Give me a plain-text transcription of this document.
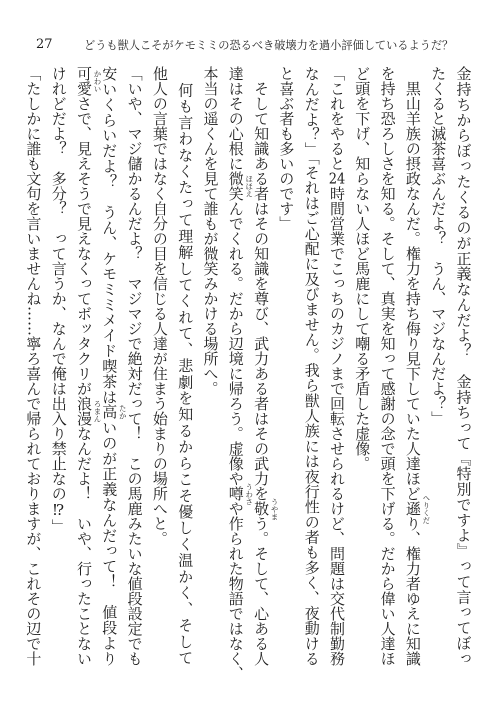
27	どうも獣人こそがケモミミの恐るべき破壊力を過小評価しているようだ？
金持ちからぼったくるのが正義なんだよ？　金持ちって『特別ですよ』って言ってぼっ
たくると滅茶喜ぶんだよ？　うん、マジなんだよ？」
　黒山羊族の摂政なんだ。権力を持ち侮り見下していた人達ほど遜 へりくだ
り、権力者ゆえに知識
を持ち恐ろしさを知る。そして、真実を知って感謝の念で頭を下げる。だから偉い人達ほ
ど頭を下げ、知らない人ほど馬鹿にして嘲る矛盾した虚像。
「これをやると24時間営業でこっちのカジノまで回転させられるけど、問題は交代制勤務
なんだよ？」「それはご心配に及びません。我ら獣人族には夜行性の者も多く、夜動ける
と喜ぶ者も多いのです」
　そして知識ある者はその知識を尊び、武力ある者はその武力を敬 うやま
う。そして、心ある人
達はその心根に微笑 ほほえ
んでくれる。だから辺境に帰ろう。虚像や噂 うわさ
や作られた物語ではなく、
本当の遥くんを見て誰もが微笑みかける場所へ。
　何も言わなくたって理解してくれて、悲劇を知るからこそ優しく温かく、そして
他人の言葉ではなく自分の目を信じる人達が住まう始まりの場所へと。
「いや、マジ儲かるんだよ？　マジマジで絶対だって！　この馬鹿みたいな値段設定でも
安いくらいだよ？　うん、ケモミミメイド喫茶は高 たか
いのが正義なんだって！　値段より
可愛 かわい
さで、見えそうで見えなくってボッタクリが浪漫 ろまん
なんだよ！　いや、行ったことない
けれどだよ？　多分？　って言うか、なんで俺は出入り禁止なの⁉」
「たしかに誰も文句を言いませんね……寧ろ喜んで帰られておりますが、これその辺で十
